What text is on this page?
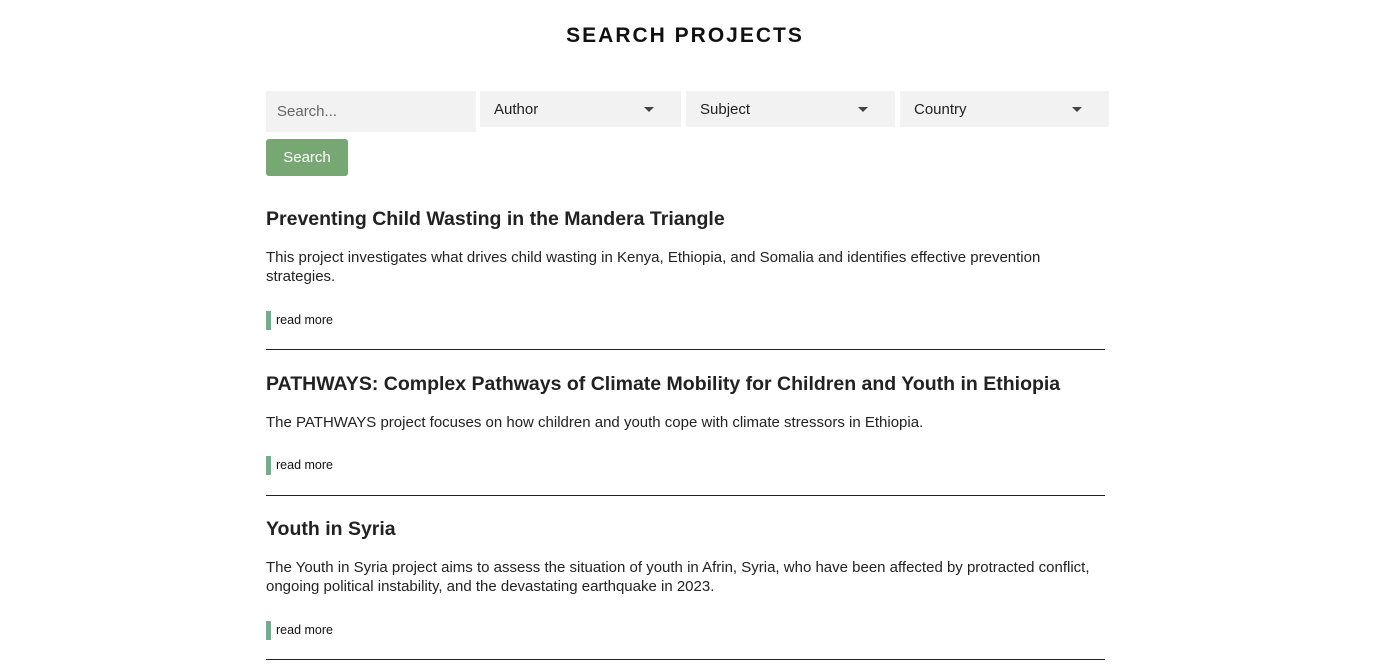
SEARCH PROJECTS
Search...
Author	Subject	Country
Search
Preventing Child Wasting in the Mandera Triangle

This project investigates what drives child wasting in Kenya, Ethiopia, and Somalia and identifies effective prevention strategies.

read more
PATHWAYS: Complex Pathways of Climate Mobility for Children and Youth in Ethiopia

The PATHWAYS project focuses on how children and youth cope with climate stressors in Ethiopia.

read more
Youth in Syria

The Youth in Syria project aims to assess the situation of youth in Afrin, Syria, who have been affected by protracted conflict, ongoing political instability, and the devastating earthquake in 2023.

read more
